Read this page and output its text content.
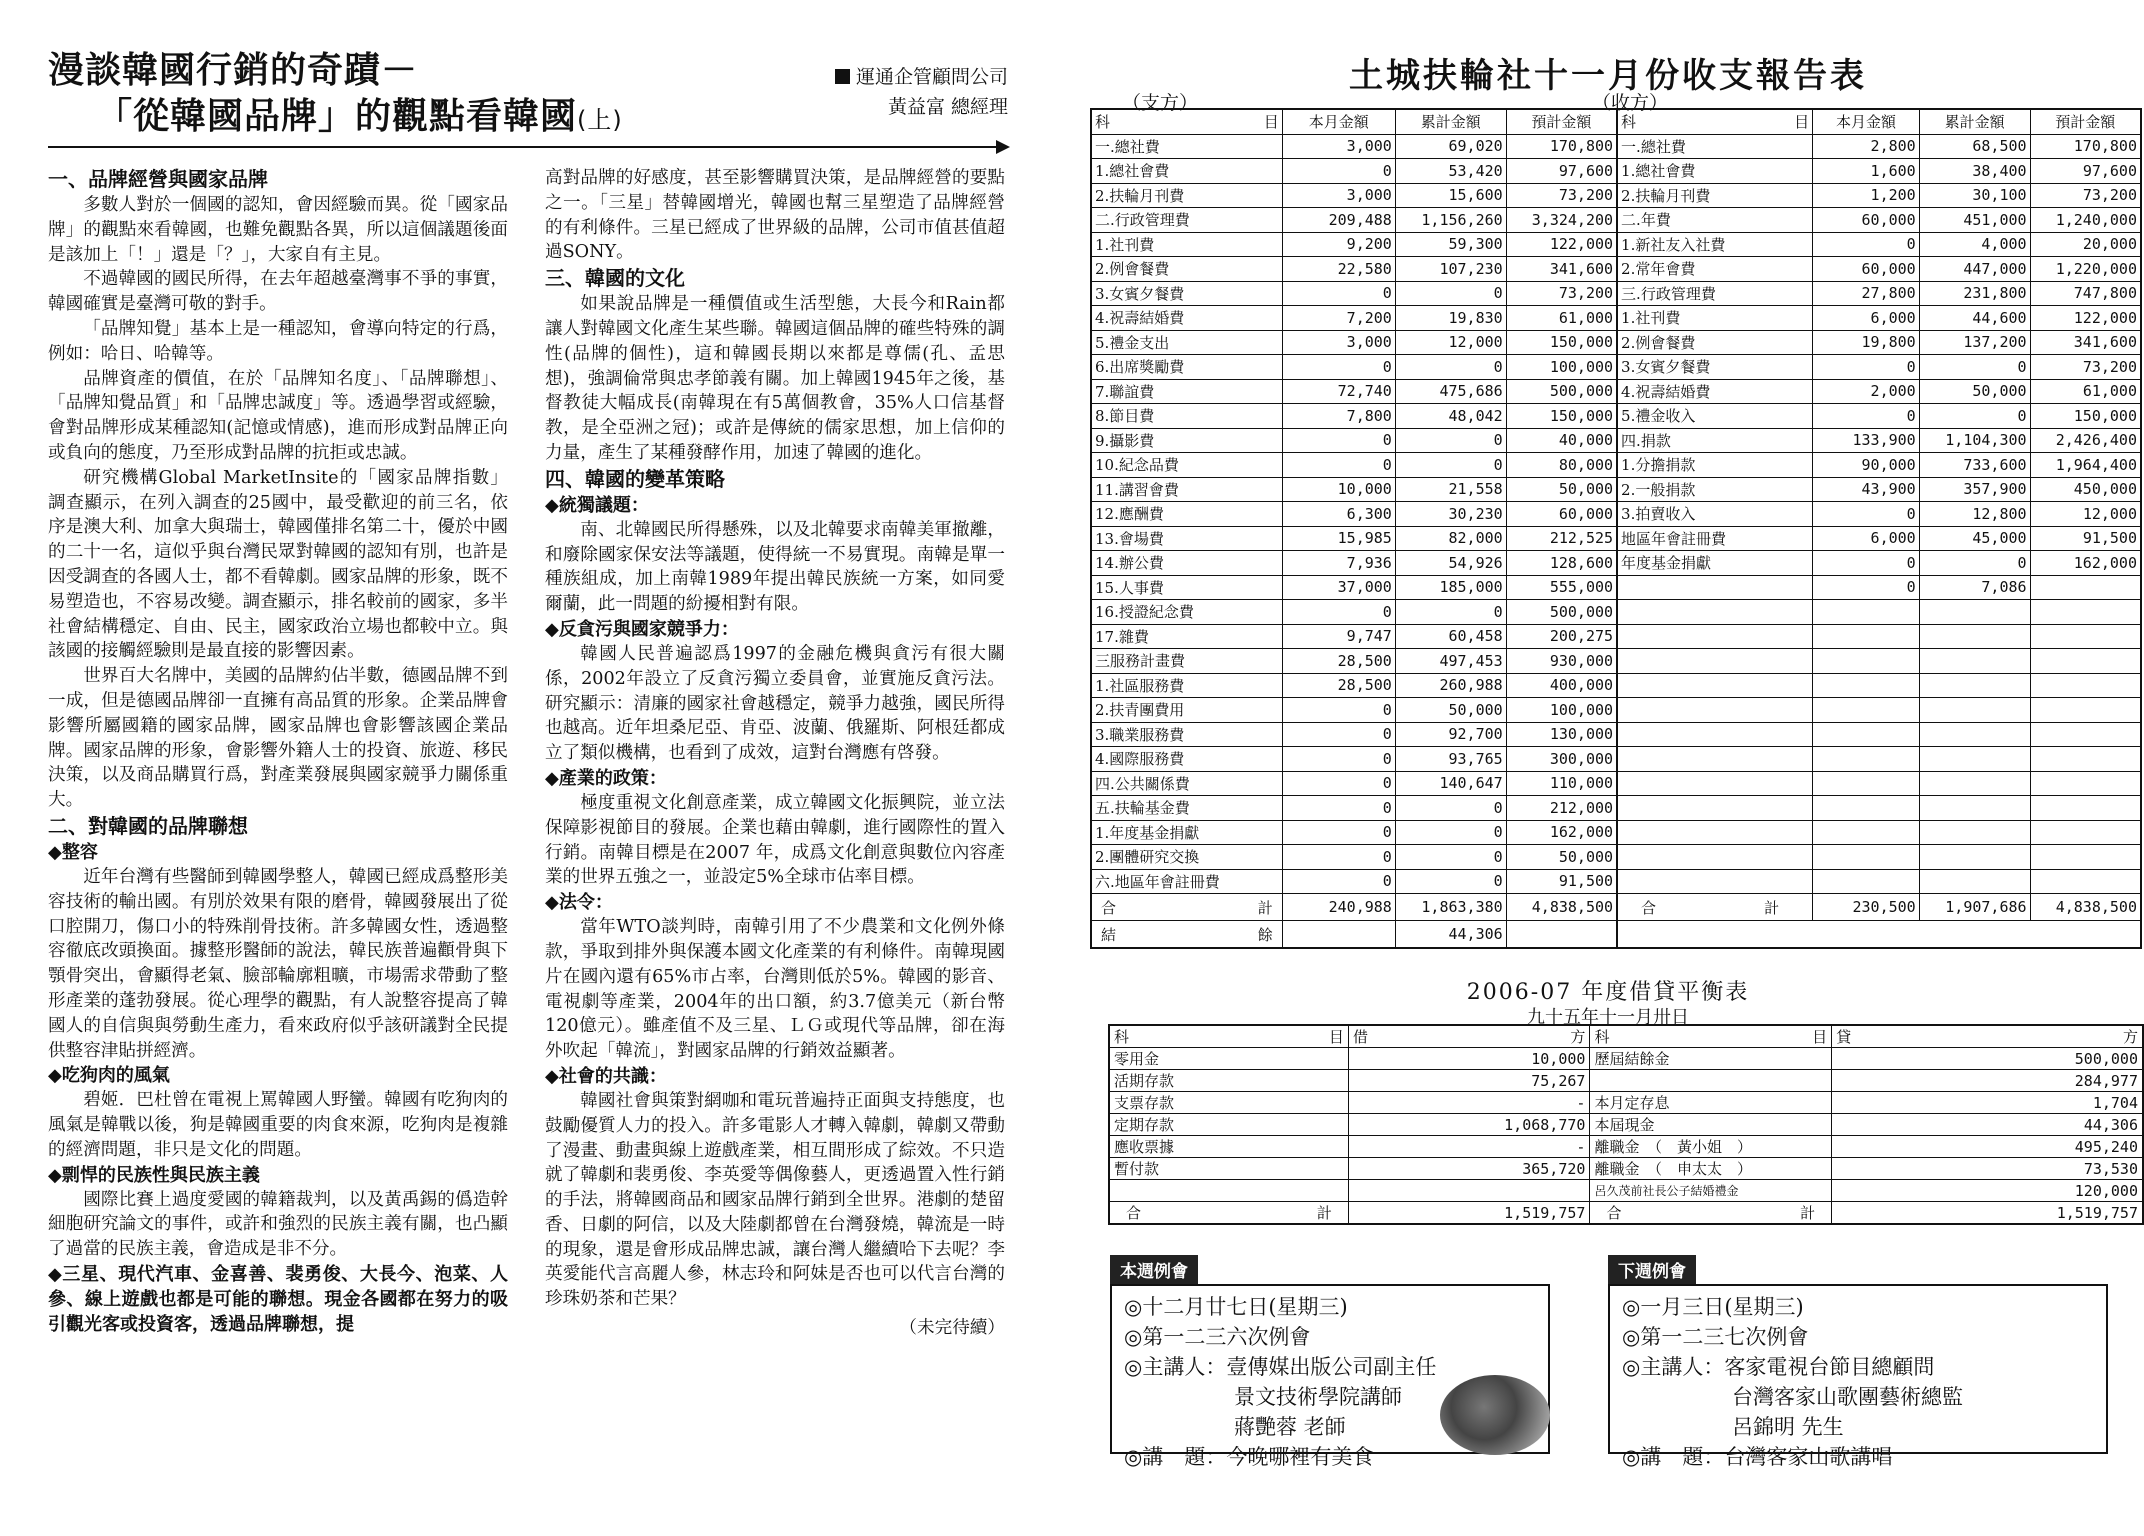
漫談韓國行銷的奇蹟－
「從韓國品牌」的觀點看韓國(上)
運通企管顧問公司
黃益富 總經理
一、品牌經營與國家品牌

多數人對於一個國的認知，會因經驗而異。從「國家品牌」的觀點來看韓國，也難免觀點各異，所以這個議題後面是該加上「！」還是「？」，大家自有主見。

不過韓國的國民所得，在去年超越臺灣事不爭的事實，韓國確實是臺灣可敬的對手。

「品牌知覺」基本上是一種認知，會導向特定的行爲，例如：哈日、哈韓等。

品牌資產的價值，在於「品牌知名度」、「品牌聯想」、「品牌知覺品質」和「品牌忠誠度」等。透過學習或經驗，會對品牌形成某種認知(記憶或情感)，進而形成對品牌正向或負向的態度，乃至形成對品牌的抗拒或忠誠。

研究機構Global MarketInsite的「國家品牌指數」調查顯示，在列入調查的25國中，最受歡迎的前三名，依序是澳大利、加拿大與瑞士，韓國僅排名第二十，優於中國的二十一名，這似乎與台灣民眾對韓國的認知有別，也許是因受調查的各國人士，都不看韓劇。國家品牌的形象，既不易塑造也，不容易改變。調查顯示，排名較前的國家，多半社會結構穩定、自由、民主，國家政治立場也都較中立。與該國的接觸經驗則是最直接的影響因素。

世界百大名牌中，美國的品牌約佔半數，德國品牌不到一成，但是德國品牌卻一直擁有高品質的形象。企業品牌會影響所屬國籍的國家品牌，國家品牌也會影響該國企業品牌。國家品牌的形象，會影響外籍人士的投資、旅遊、移民決策，以及商品購買行爲，對產業發展與國家競爭力關係重大。

二、對韓國的品牌聯想
◆整容

近年台灣有些醫師到韓國學整人，韓國已經成爲整形美容技術的輸出國。有別於效果有限的磨骨，韓國發展出了從口腔開刀，傷口小的特殊削骨技術。許多韓國女性，透過整容徹底改頭換面。據整形醫師的說法，韓民族普遍顴骨與下顎骨突出，會顯得老氣、臉部輪廓粗曠，市場需求帶動了整形產業的蓬勃發展。從心理學的觀點，有人說整容提高了韓國人的自信與與勞動生產力，看來政府似乎該研議對全民提供整容津貼拼經濟。

◆吃狗肉的風氣

碧姬．巴杜曾在電視上罵韓國人野蠻。韓國有吃狗肉的風氣是韓戰以後，狗是韓國重要的肉食來源，吃狗肉是複雜的經濟問題，非只是文化的問題。

◆剽悍的民族性與民族主義

國際比賽上過度愛國的韓籍裁判，以及黃禹錫的僞造幹細胞研究論文的事件，或許和強烈的民族主義有關，也凸顯了過當的民族主義，會造成是非不分。

◆三星、現代汽車、金喜善、裴勇俊、大長今、泡菜、人參、線上遊戲也都是可能的聯想。現金各國都在努力的吸引觀光客或投資客，透過品牌聯想，提

高對品牌的好感度，甚至影響購買決策，是品牌經營的要點之一。「三星」替韓國增光，韓國也幫三星塑造了品牌經營的有利條件。三星已經成了世界級的品牌，公司市值甚值超過SONY。

三、韓國的文化

如果說品牌是一種價值或生活型態，大長今和Rain都讓人對韓國文化產生某些聯。韓國這個品牌的確些特殊的調性(品牌的個性)，這和韓國長期以來都是尊儒(孔、孟思想)，強調倫常與忠孝節義有關。加上韓國1945年之後，基督教徒大幅成長(南韓現在有5萬個教會，35%人口信基督教，是全亞洲之冠)；或許是傳統的儒家思想，加上信仰的力量，產生了某種發酵作用，加速了韓國的進化。

四、韓國的變革策略
◆統獨議題：

南、北韓國民所得懸殊，以及北韓要求南韓美軍撤離，和廢除國家保安法等議題，使得統一不易實現。南韓是單一種族組成，加上南韓1989年提出韓民族統一方案，如同愛爾蘭，此一問題的紛擾相對有限。

◆反貪污與國家競爭力：

韓國人民普遍認爲1997的金融危機與貪污有很大關係，2002年設立了反貪污獨立委員會，並實施反貪污法。研究顯示：清廉的國家社會越穩定，競爭力越強，國民所得也越高。近年坦桑尼亞、肯亞、波蘭、俄羅斯、阿根廷都成立了類似機構，也看到了成效，這對台灣應有啓發。

◆產業的政策：

極度重視文化創意產業，成立韓國文化振興院，並立法保障影視節目的發展。企業也藉由韓劇，進行國際性的置入行銷。南韓目標是在2007 年，成爲文化創意與數位內容產業的世界五強之一，並設定5%全球市佔率目標。

◆法令：

當年WTO談判時，南韓引用了不少農業和文化例外條款，爭取到排外與保護本國文化產業的有利條件。南韓現國片在國內還有65%市占率，台灣則低於5%。韓國的影音、電視劇等產業，2004年的出口額，約3.7億美元（新台幣120億元）。雖產值不及三星、ＬＧ或現代等品牌，卻在海外吹起「韓流」，對國家品牌的行銷效益顯著。

◆社會的共識：

韓國社會與策對網咖和電玩普遍持正面與支持態度，也鼓勵優質人力的投入。許多電影人才轉入韓劇，韓劇又帶動了漫畫、動畫與線上遊戲產業，相互間形成了綜效。不只造就了韓劇和裴勇俊、李英愛等偶像藝人，更透過置入性行銷的手法，將韓國商品和國家品牌行銷到全世界。港劇的楚留香、日劇的阿信，以及大陸劇都曾在台灣發燒，韓流是一時的現象，還是會形成品牌忠誠，讓台灣人繼續哈下去呢？李英愛能代言高麗人參，林志玲和阿妹是否也可以代言台灣的珍珠奶茶和芒果？

（未完待續）
土城扶輪社十一月份收支報告表
（支方）	（收方）
科 目	本月金額	累計金額	預計金額	科 目	本月金額	累計金額	預計金額
一.總社費	3,000	69,020	170,800	一.總社費	2,800	68,500	170,800
1.總社會費	0	53,420	97,600	1.總社會費	1,600	38,400	97,600
2.扶輪月刊費	3,000	15,600	73,200	2.扶輪月刊費	1,200	30,100	73,200
二.行政管理費	209,488	1,156,260	3,324,200	二.年費	60,000	451,000	1,240,000
1.社刊費	9,200	59,300	122,000	1.新社友入社費	0	4,000	20,000
2.例會餐費	22,580	107,230	341,600	2.常年會費	60,000	447,000	1,220,000
3.女賓夕餐費	0	0	73,200	三.行政管理費	27,800	231,800	747,800
4.祝壽結婚費	7,200	19,830	61,000	1.社刊費	6,000	44,600	122,000
5.禮金支出	3,000	12,000	150,000	2.例會餐費	19,800	137,200	341,600
6.出席獎勵費	0	0	100,000	3.女賓夕餐費	0	0	73,200
7.聯誼費	72,740	475,686	500,000	4.祝壽結婚費	2,000	50,000	61,000
8.節目費	7,800	48,042	150,000	5.禮金收入	0	0	150,000
9.攝影費	0	0	40,000	四.捐款	133,900	1,104,300	2,426,400
10.紀念品費	0	0	80,000	1.分擔捐款	90,000	733,600	1,964,400
11.講習會費	10,000	21,558	50,000	2.一般捐款	43,900	357,900	450,000
12.應酬費	6,300	30,230	60,000	3.拍賣收入	0	12,800	12,000
13.會場費	15,985	82,000	212,525	地區年會註冊費	6,000	45,000	91,500
14.辦公費	7,936	54,926	128,600	年度基金捐獻	0	0	162,000
15.人事費	37,000	185,000	555,000		0	7,086	
16.授證紀念費	0	0	500,000				
17.雜費	9,747	60,458	200,275				
三服務計畫費	28,500	497,453	930,000				
1.社區服務費	28,500	260,988	400,000				
2.扶青團費用	0	50,000	100,000				
3.職業服務費	0	92,700	130,000				
4.國際服務費	0	93,765	300,000				
四.公共關係費	0	140,647	110,000				
五.扶輪基金費	0	0	212,000				
1.年度基金捐獻	0	0	162,000				
2.團體研究交換	0	0	50,000				
六.地區年會註冊費	0	0	91,500				

合 計	240,988	1,863,380	4,838,500	合 計	230,500	1,907,686	4,838,500

結 餘		44,306					
2006-07 年度借貸平衡表
九十五年十一月卅日
科 目	借 方	科 目	貸 方

零用金	10,000	歷屆結餘金	500,000
活期存款	75,267		284,977
支票存款	-	本月定存息	1,704
定期存款	1,068,770	本屆現金	44,306
應收票據	-	離職金　（　黃小姐　）	495,240
暫付款	365,720	離職金　（　申太太　）	73,530
		呂久茂前社長公子結婚禮金	120,000

合 計	1,519,757	合 計	1,519,757
本週例會
◎十二月廿七日(星期三)
◎第一二三六次例會
◎主講人：壹傳媒出版公司副主任
景文技術學院講師
蔣艷蓉 老師
◎講　題：今晚哪裡有美食
下週例會
◎一月三日(星期三)
◎第一二三七次例會
◎主講人：客家電視台節目總顧問
台灣客家山歌團藝術總監
呂錦明 先生
◎講　題：台灣客家山歌講唱
